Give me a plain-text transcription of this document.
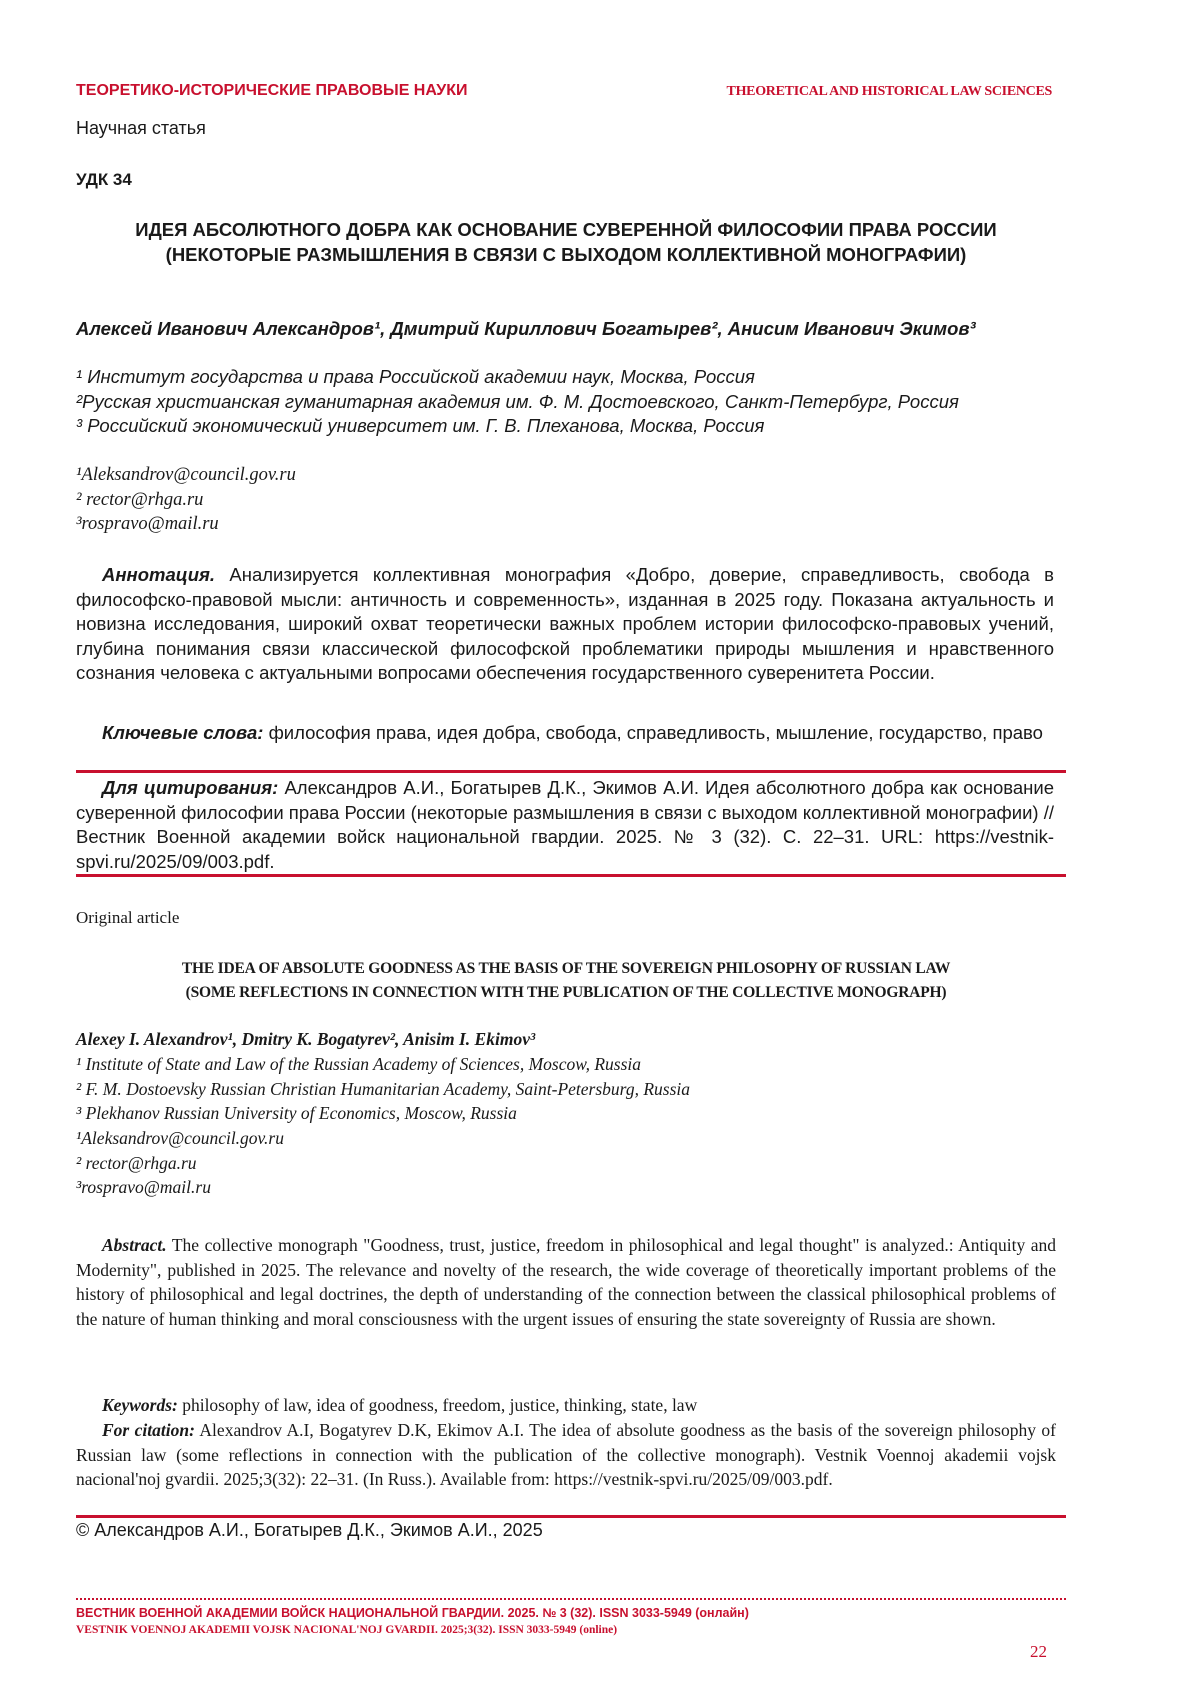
ТЕОРЕТИКО-ИСТОРИЧЕСКИЕ ПРАВОВЫЕ НАУКИ	THEORETICAL AND HISTORICAL LAW SCIENCES
Научная статья
УДК 34
ИДЕЯ АБСОЛЮТНОГО ДОБРА КАК ОСНОВАНИЕ СУВЕРЕННОЙ ФИЛОСОФИИ ПРАВА РОССИИ
(НЕКОТОРЫЕ РАЗМЫШЛЕНИЯ В СВЯЗИ С ВЫХОДОМ КОЛЛЕКТИВНОЙ МОНОГРАФИИ)
Алексей Иванович Александров¹, Дмитрий Кириллович Богатырев², Анисим Иванович Экимов³
¹ Институт государства и права Российской академии наук, Москва, Россия
²Русская христианская гуманитарная академия им. Ф. М. Достоевского, Санкт-Петербург, Россия
³ Российский экономический университет им. Г. В. Плеханова, Москва, Россия
¹Aleksandrov@council.gov.ru
² rector@rhga.ru
³rospravo@mail.ru
Аннотация. Анализируется коллективная монография «Добро, доверие, справедливость, свобода в философско-правовой мысли: античность и современность», изданная в 2025 году. Показана актуальность и новизна исследования, широкий охват теоретически важных проблем истории философско-правовых учений, глубина понимания связи классической философской проблематики природы мышления и нравственного сознания человека с актуальными вопросами обеспечения государственного суверенитета России.
Ключевые слова: философия права, идея добра, свобода, справедливость, мышление, государство, право
Для цитирования: Александров А.И., Богатырев Д.К., Экимов А.И. Идея абсолютного добра как основание суверенной философии права России (некоторые размышления в связи с выходом коллективной монографии) // Вестник Военной академии войск национальной гвардии. 2025. № 3 (32). С. 22–31. URL: https://vestnik-spvi.ru/2025/09/003.pdf.
Original article
THE IDEA OF ABSOLUTE GOODNESS AS THE BASIS OF THE SOVEREIGN PHILOSOPHY OF RUSSIAN LAW
(SOME REFLECTIONS IN CONNECTION WITH THE PUBLICATION OF THE COLLECTIVE MONOGRAPH)
Alexey I. Alexandrov¹, Dmitry K. Bogatyrev², Anisim I. Ekimov³
¹ Institute of State and Law of the Russian Academy of Sciences, Moscow, Russia
² F. M. Dostoevsky Russian Christian Humanitarian Academy, Saint-Petersburg, Russia
³ Plekhanov Russian University of Economics, Moscow, Russia
¹Aleksandrov@council.gov.ru
² rector@rhga.ru
³rospravo@mail.ru
Abstract. The collective monograph "Goodness, trust, justice, freedom in philosophical and legal thought" is analyzed.: Antiquity and Modernity", published in 2025. The relevance and novelty of the research, the wide coverage of theoretically important problems of the history of philosophical and legal doctrines, the depth of understanding of the connection between the classical philosophical problems of the nature of human thinking and moral consciousness with the urgent issues of ensuring the state sovereignty of Russia are shown.
Keywords: philosophy of law, idea of goodness, freedom, justice, thinking, state, law
For citation: Alexandrov A.I, Bogatyrev D.K, Ekimov A.I. The idea of absolute goodness as the basis of the sovereign philosophy of Russian law (some reflections in connection with the publication of the collective monograph). Vestnik Voennoj akademii vojsk nacional'noj gvardii. 2025;3(32): 22–31. (In Russ.). Available from: https://vestnik-spvi.ru/2025/09/003.pdf.
© Александров А.И., Богатырев Д.К., Экимов А.И., 2025
ВЕСТНИК ВОЕННОЙ АКАДЕМИИ ВОЙСК НАЦИОНАЛЬНОЙ ГВАРДИИ. 2025. № 3 (32). ISSN 3033-5949 (онлайн)
VESTNIK VOENNOJ AKADEMII VOJSK NACIONAL'NOJ GVARDII. 2025;3(32). ISSN 3033-5949 (online)
22
